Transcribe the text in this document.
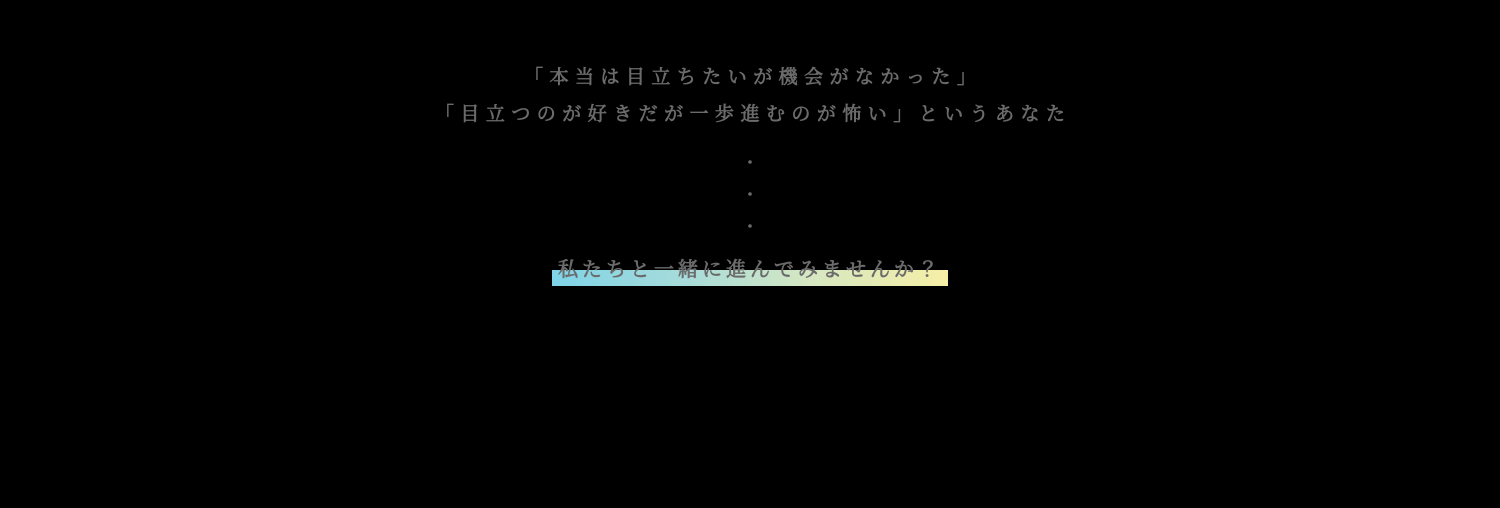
「本当は目立ちたいが機会がなかった」
「目立つのが好きだが一歩進むのが怖い」というあなた
・
・
・
私たちと一緒に進んでみませんか？
